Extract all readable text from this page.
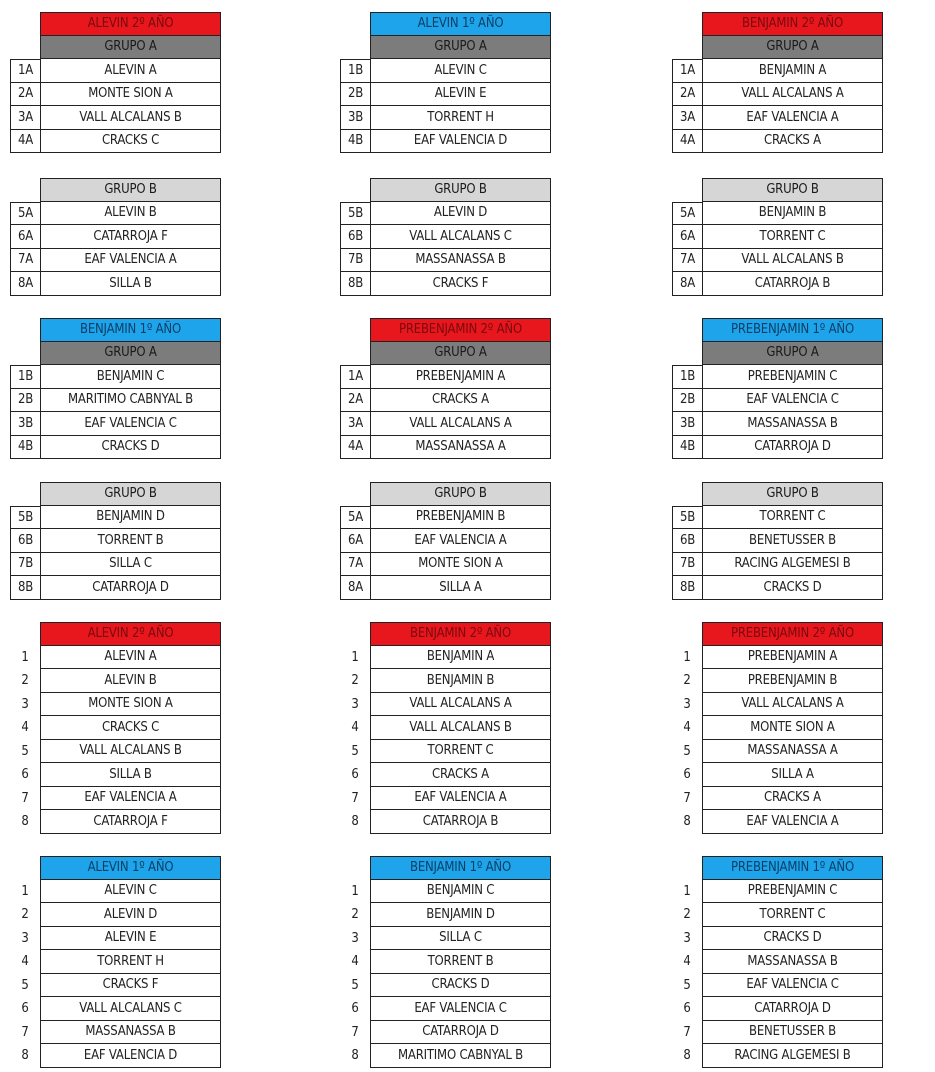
ALEVIN 2º AÑO
GRUPO A
1A	ALEVIN A
2A	MONTE SION A
3A	VALL ALCALANS B
4A	CRACKS C
ALEVIN 1º AÑO
GRUPO A
1B	ALEVIN C
2B	ALEVIN E
3B	TORRENT H
4B	EAF VALENCIA D
BENJAMIN 2º AÑO
GRUPO A
1A	BENJAMIN A
2A	VALL ALCALANS A
3A	EAF VALENCIA A
4A	CRACKS A
GRUPO B
5A	ALEVIN B
6A	CATARROJA F
7A	EAF VALENCIA A
8A	SILLA B
GRUPO B
5B	ALEVIN D
6B	VALL ALCALANS C
7B	MASSANASSA B
8B	CRACKS F
GRUPO B
5A	BENJAMIN B
6A	TORRENT C
7A	VALL ALCALANS B
8A	CATARROJA B
BENJAMIN 1º AÑO
GRUPO A
1B	BENJAMIN C
2B	MARITIMO CABNYAL B
3B	EAF VALENCIA C
4B	CRACKS D
PREBENJAMIN 2º AÑO
GRUPO A
1A	PREBENJAMIN A
2A	CRACKS A
3A	VALL ALCALANS A
4A	MASSANASSA A
PREBENJAMIN 1º AÑO
GRUPO A
1B	PREBENJAMIN C
2B	EAF VALENCIA C
3B	MASSANASSA B
4B	CATARROJA D
GRUPO B
5B	BENJAMIN D
6B	TORRENT B
7B	SILLA C
8B	CATARROJA D
GRUPO B
5A	PREBENJAMIN B
6A	EAF VALENCIA A
7A	MONTE SION A
8A	SILLA A
GRUPO B
5B	TORRENT C
6B	BENETUSSER B
7B	RACING ALGEMESI B
8B	CRACKS D
ALEVIN 2º AÑO
1	ALEVIN A
2	ALEVIN B
3	MONTE SION A
4	CRACKS C
5	VALL ALCALANS B
6	SILLA B
7	EAF VALENCIA A
8	CATARROJA F
BENJAMIN 2º AÑO
1	BENJAMIN A
2	BENJAMIN B
3	VALL ALCALANS A
4	VALL ALCALANS B
5	TORRENT C
6	CRACKS A
7	EAF VALENCIA A
8	CATARROJA B
PREBENJAMIN 2º AÑO
1	PREBENJAMIN A
2	PREBENJAMIN B
3	VALL ALCALANS A
4	MONTE SION A
5	MASSANASSA A
6	SILLA A
7	CRACKS A
8	EAF VALENCIA A
ALEVIN 1º AÑO
1	ALEVIN C
2	ALEVIN D
3	ALEVIN E
4	TORRENT H
5	CRACKS F
6	VALL ALCALANS C
7	MASSANASSA B
8	EAF VALENCIA D
BENJAMIN 1º AÑO
1	BENJAMIN C
2	BENJAMIN D
3	SILLA C
4	TORRENT B
5	CRACKS D
6	EAF VALENCIA C
7	CATARROJA D
8	MARITIMO CABNYAL B
PREBENJAMIN 1º AÑO
1	PREBENJAMIN C
2	TORRENT C
3	CRACKS D
4	MASSANASSA B
5	EAF VALENCIA C
6	CATARROJA D
7	BENETUSSER B
8	RACING ALGEMESI B
